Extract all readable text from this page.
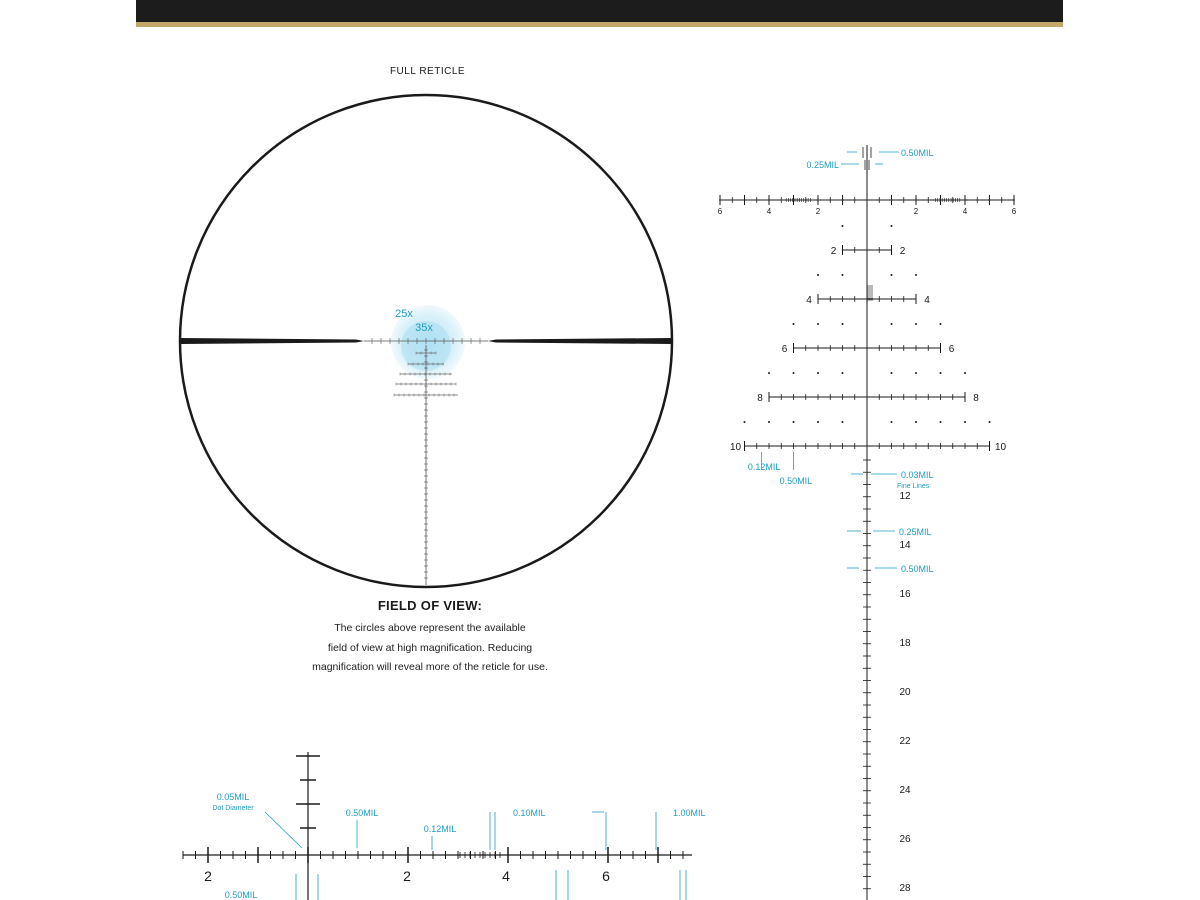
FULL RETICLE
FIELD OF VIEW:
The circles above represent the available
field of view at high magnification. Reducing
magnification will reveal more of the reticle for use.
25x
35x
6	4	2	2	4	6
0.50MIL
0.25MIL
2	2
4	4
6	6
8	8
10	10
0.12MIL
0.50MIL
0.03MIL
Fine Lines
12
14
16
18
20
22
24
26
28
0.25MIL
0.50MIL
2	2	4	6
0.05MIL
Dot Diameter	0.50MIL
0.12MIL
0.10MIL	1.00MIL
0.50MIL
